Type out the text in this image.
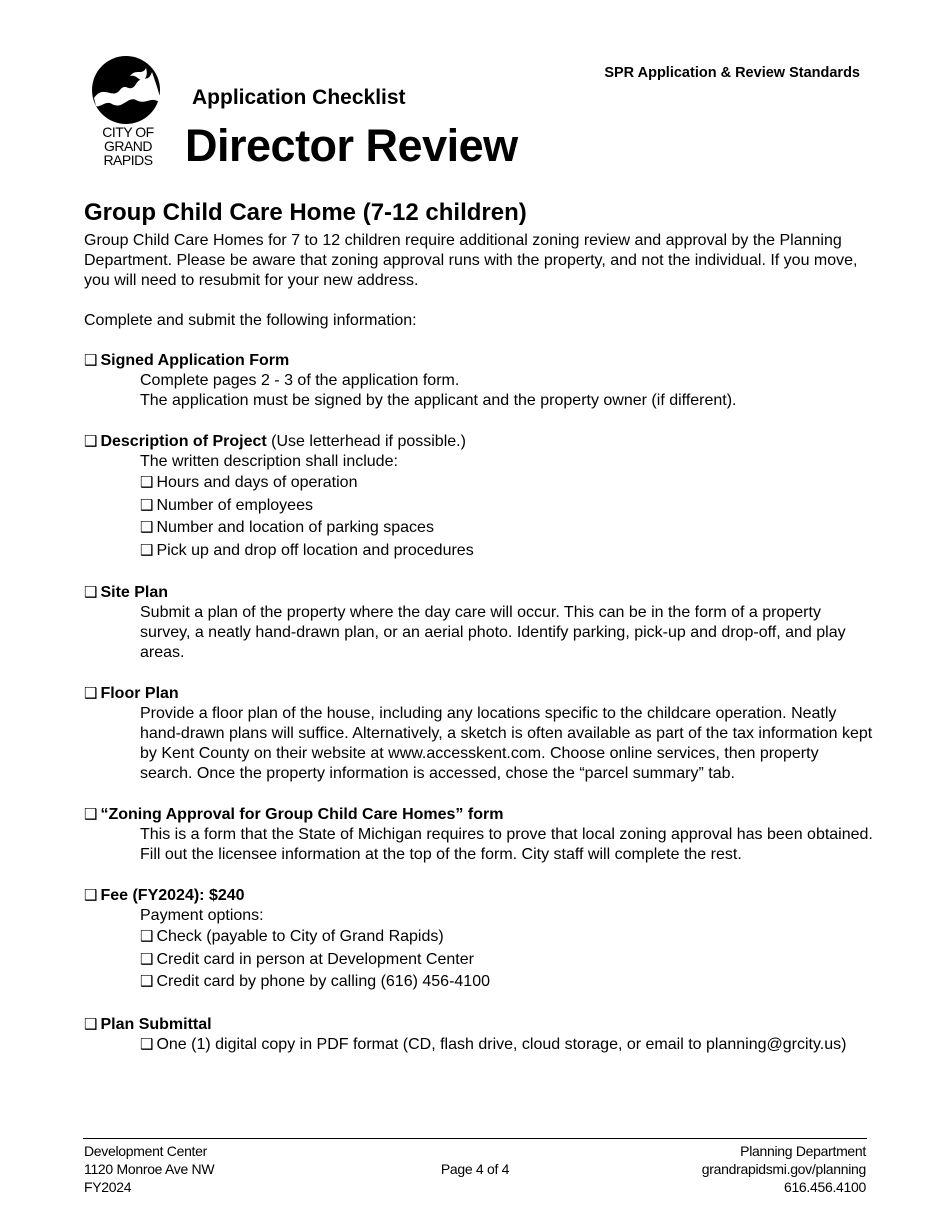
CITY OF
GRAND
RAPIDS
SPR Application & Review Standards
Application Checklist
Director Review
Group Child Care Home (7-12 children)

Group Child Care Homes for 7 to 12 children require additional zoning review and approval by the Planning Department. Please be aware that zoning approval runs with the property, and not the individual. If you move, you will need to resubmit for your new address.

Complete and submit the following information:

❑ Signed Application Form

Complete pages 2 - 3 of the application form.

The application must be signed by the applicant and the property owner (if different).

❑ Description of Project (Use letterhead if possible.)

The written description shall include:

❑ Hours and days of operation
❑ Number of employees
❑ Number and location of parking spaces
❑ Pick up and drop off location and procedures
❑ Site Plan

Submit a plan of the property where the day care will occur. This can be in the form of a property survey, a neatly hand-drawn plan, or an aerial photo. Identify parking, pick-up and drop-off, and play areas.

❑ Floor Plan

Provide a floor plan of the house, including any locations specific to the childcare operation. Neatly hand-drawn plans will suffice. Alternatively, a sketch is often available as part of the tax information kept by Kent County on their website at www.accesskent.com. Choose online services, then property search. Once the property information is accessed, chose the “parcel summary” tab.

❑ “Zoning Approval for Group Child Care Homes” form

This is a form that the State of Michigan requires to prove that local zoning approval has been obtained. Fill out the licensee information at the top of the form. City staff will complete the rest.

❑ Fee (FY2024): $240

Payment options:

❑ Check (payable to City of Grand Rapids)
❑ Credit card in person at Development Center
❑ Credit card by phone by calling (616) 456-4100
❑ Plan Submittal

❑ One (1) digital copy in PDF format (CD, flash drive, cloud storage, or email to planning@grcity.us)

Development Center
1120 Monroe Ave NW
FY2024
Page 4 of 4
Planning Department
grandrapidsmi.gov/planning
616.456.4100
